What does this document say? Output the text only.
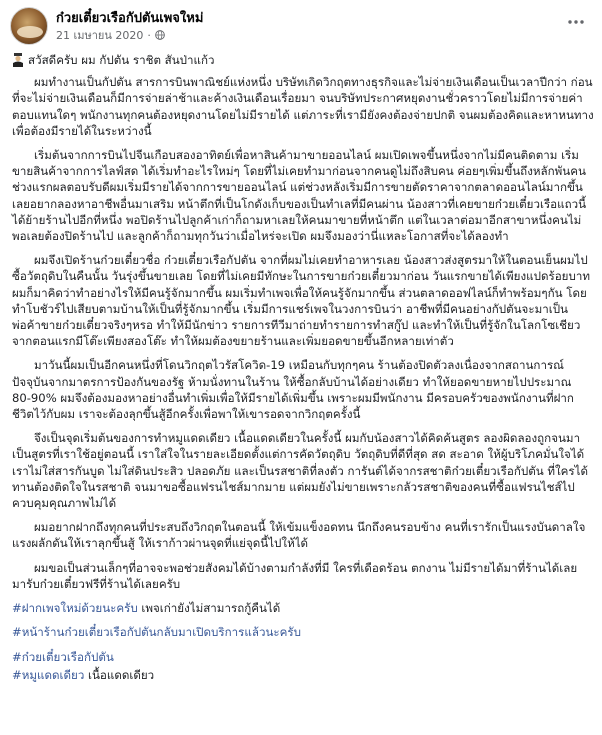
ก๋วยเตี๋ยวเรือกัปตันเพจใหม่
21 เมษายน 2020 ·
สวัสดีครับ ผม กัปตัน ราชิต สันป่าแก้ว

ผมทำงานเป็นกัปตัน สารการบินพาณิชย์แห่งหนึ่ง บริษัทเกิดวิกฤตทางธุรกิจและไม่จ่ายเงินเดือนเป็นเวลาปีกว่า ก่อนที่จะไม่จ่ายเงินเดือนก็มีการจ่ายล่าช้าและค้างเงินเดือนเรื่อยมา จนบริษัทประกาศหยุดงานชั่วคราวโดยไม่มีการจ่ายค่าตอบแทนใดๆ พนักงานทุกคนต้องหยุดงานโดยไม่มีรายได้ แต่ภาระที่เรามียังคงต้องจ่ายปกติ จนผมต้องคิดและหาหนทางเพื่อต้องมีรายได้ในระหว่างนี้

เริ่มต้นจากการบินไปจีนเกือบสองอาทิตย์เพื่อหาสินค้ามาขายออนไลน์ ผมเปิดเพจขึ้นหนึ่งจากไม่มีคนติดตาม เริ่มขายสินค้าจากการไลฟ์สด ได้เริ่มทำอะไรใหม่ๆ โดยที่ไม่เคยทำมาก่อนจากคนดูไม่ถึงสิบคน ค่อยๆเพิ่มขึ้นถึงหลักพันคน ช่วงแรกผลตอบรับดีผมเริ่มมีรายได้จากการขายออนไลน์ แต่ช่วงหลังเริ่มมีการขายตัดราคาจากตลาดออนไลน์มากขึ้น เลยอยากลองหาอาชีพอื่นมาเสริม หน้าตึกที่เป็นโกดังเก็บของเป็นทำเลที่มีคนผ่าน น้องสาวที่เคยขายก๋วยเตี๋ยวเรือแถวนี้ได้ย้ายร้านไปอีกที่หนึ่ง พอปิดร้านไปลูกค้าเก่าก็ถามหาเลยให้คนมาขายที่หน้าตึก แต่ในเวลาต่อมาอีกสาขาหนึ่งคนไม่พอเลยต้องปิดร้านไป และลูกค้าก็ถามทุกวันว่าเมื่อไหร่จะเปิด ผมจึงมองว่านี่แหละโอกาสที่จะได้ลองทำ

ผมจึงเปิดร้านก๋วยเตี๋ยวชื่อ ก๋วยเตี๋ยวเรือกัปตัน จากที่ผมไม่เคยทำอาหารเลย น้องสาวส่งสูตรมาให้ในตอนเย็นผมไปซื้อวัตถุดิบในคืนนั้น วันรุ่งขึ้นขายเลย โดยที่ไม่เคยมีทักษะในการขายก๋วยเตี๋ยวมาก่อน วันแรกขายได้เพียงแปดร้อยบาท ผมก็มาคิดว่าทำอย่างไรให้มีคนรู้จักมากขึ้น ผมเริ่มทำเพจเพื่อให้คนรู้จักมากขึ้น ส่วนตลาดออฟไลน์ก็ทำพร้อมๆกัน โดยทำโบชัวร์ไปเสียบตามบ้านให้เป็นที่รู้จักมากขึ้น เริ่มมีการแชร์เพจในวงการบินว่า อาชีพที่มีคนอย่างกัปตันจะมาเป็นพ่อค้าขายก๋วยเตี๋ยวจริงๆหรอ ทำให้มีนักข่าว รายการทีวีมาถ่ายทำรายการทำสกู๊ป และทำให้เป็นที่รู้จักในโลกโซเชียว จากตอนแรกมีโต๊ะเพียงสองโต๊ะ ทำให้ผมต้องขยายร้านและเพิ่มยอดขายขึ้นอีกหลายเท่าตัว

มาวันนี้ผมเป็นอีกคนหนึ่งที่โดนวิกฤตไวรัสโควิด-19 เหมือนกับทุกๆคน ร้านต้องปิดตัวลงเนื่องจากสถานการณ์ปัจจุบันจากมาตรการป้องกันของรัฐ ห้ามนั่งทานในร้าน ให้ซื้อกลับบ้านได้อย่างเดียว ทำให้ยอดขายหายไปประมาณ 80-90% ผมจึงต้องมองหาอย่างอื่นทำเพิ่มเพื่อให้มีรายได้เพิ่มขึ้น เพราะผมมีพนักงาน มีครอบครัวของพนักงานที่ฝากชีวิตไว้กับผม เราจะต้องลุกขึ้นสู้อีกครั้งเพื่อพาให้เขารอดจากวิกฤตครั้งนี้

จึงเป็นจุดเริ่มต้นของการทำหมูแดดเดียว เนื้อแดดเดียวในครั้งนี้ ผมกับน้องสาวได้คิดค้นสูตร ลองผิดลองถูกจนมาเป็นสูตรที่เราใช้อยู่ตอนนี้ เราใส่ใจในรายละเอียดตั้งแต่การคัดวัตถุดิบ วัตถุดิบที่ดีที่สุด สด สะอาด ให้ผู้บริโภคมั่นใจได้ เราไม่ใส่สารกันบูด ไม่ใส่ดินประสิว ปลอดภัย และเป็นรสชาติที่ลงตัว การันต์ได้จากรสชาติก๋วยเตี๋ยวเรือกัปตัน ที่ใครได้ทานต้องติดใจในรสชาติ จนมาขอซื้อแฟรนไชส์มากมาย แต่ผมยังไม่ขายเพราะกลัวรสชาติของคนที่ซื้อแฟรนไชส์ไปควบคุมคุณภาพไม่ได้

ผมอยากฝากถึงทุกคนที่ประสบถึงวิกฤตในตอนนี้ ให้เข้มแข็งอดทน นึกถึงคนรอบข้าง คนที่เรารักเป็นแรงบันดาลใจ แรงผลักดันให้เราลุกขึ้นสู้ ให้เราก้าวผ่านจุดที่แย่จุดนี้ไปให้ได้

ผมขอเป็นส่วนเล็กๆที่อาจจะพอช่วยสังคมได้บ้างตามกำลังที่มี ใครที่เดือดร้อน ตกงาน ไม่มีรายได้มาที่ร้านได้เลย มารับก๋วยเตี๋ยวฟรีที่ร้านได้เลยครับ

#ฝากเพจใหม่ด้วยนะครับ เพจเก่ายังไม่สามารถกู้คืนได้
#หน้าร้านก๋วยเตี๋ยวเรือกัปตันกลับมาเปิดบริการแล้วนะครับ
#ก๋วยเตี๋ยวเรือกัปตัน
#หมูแดดเดียว เนื้อแดดเดียว
